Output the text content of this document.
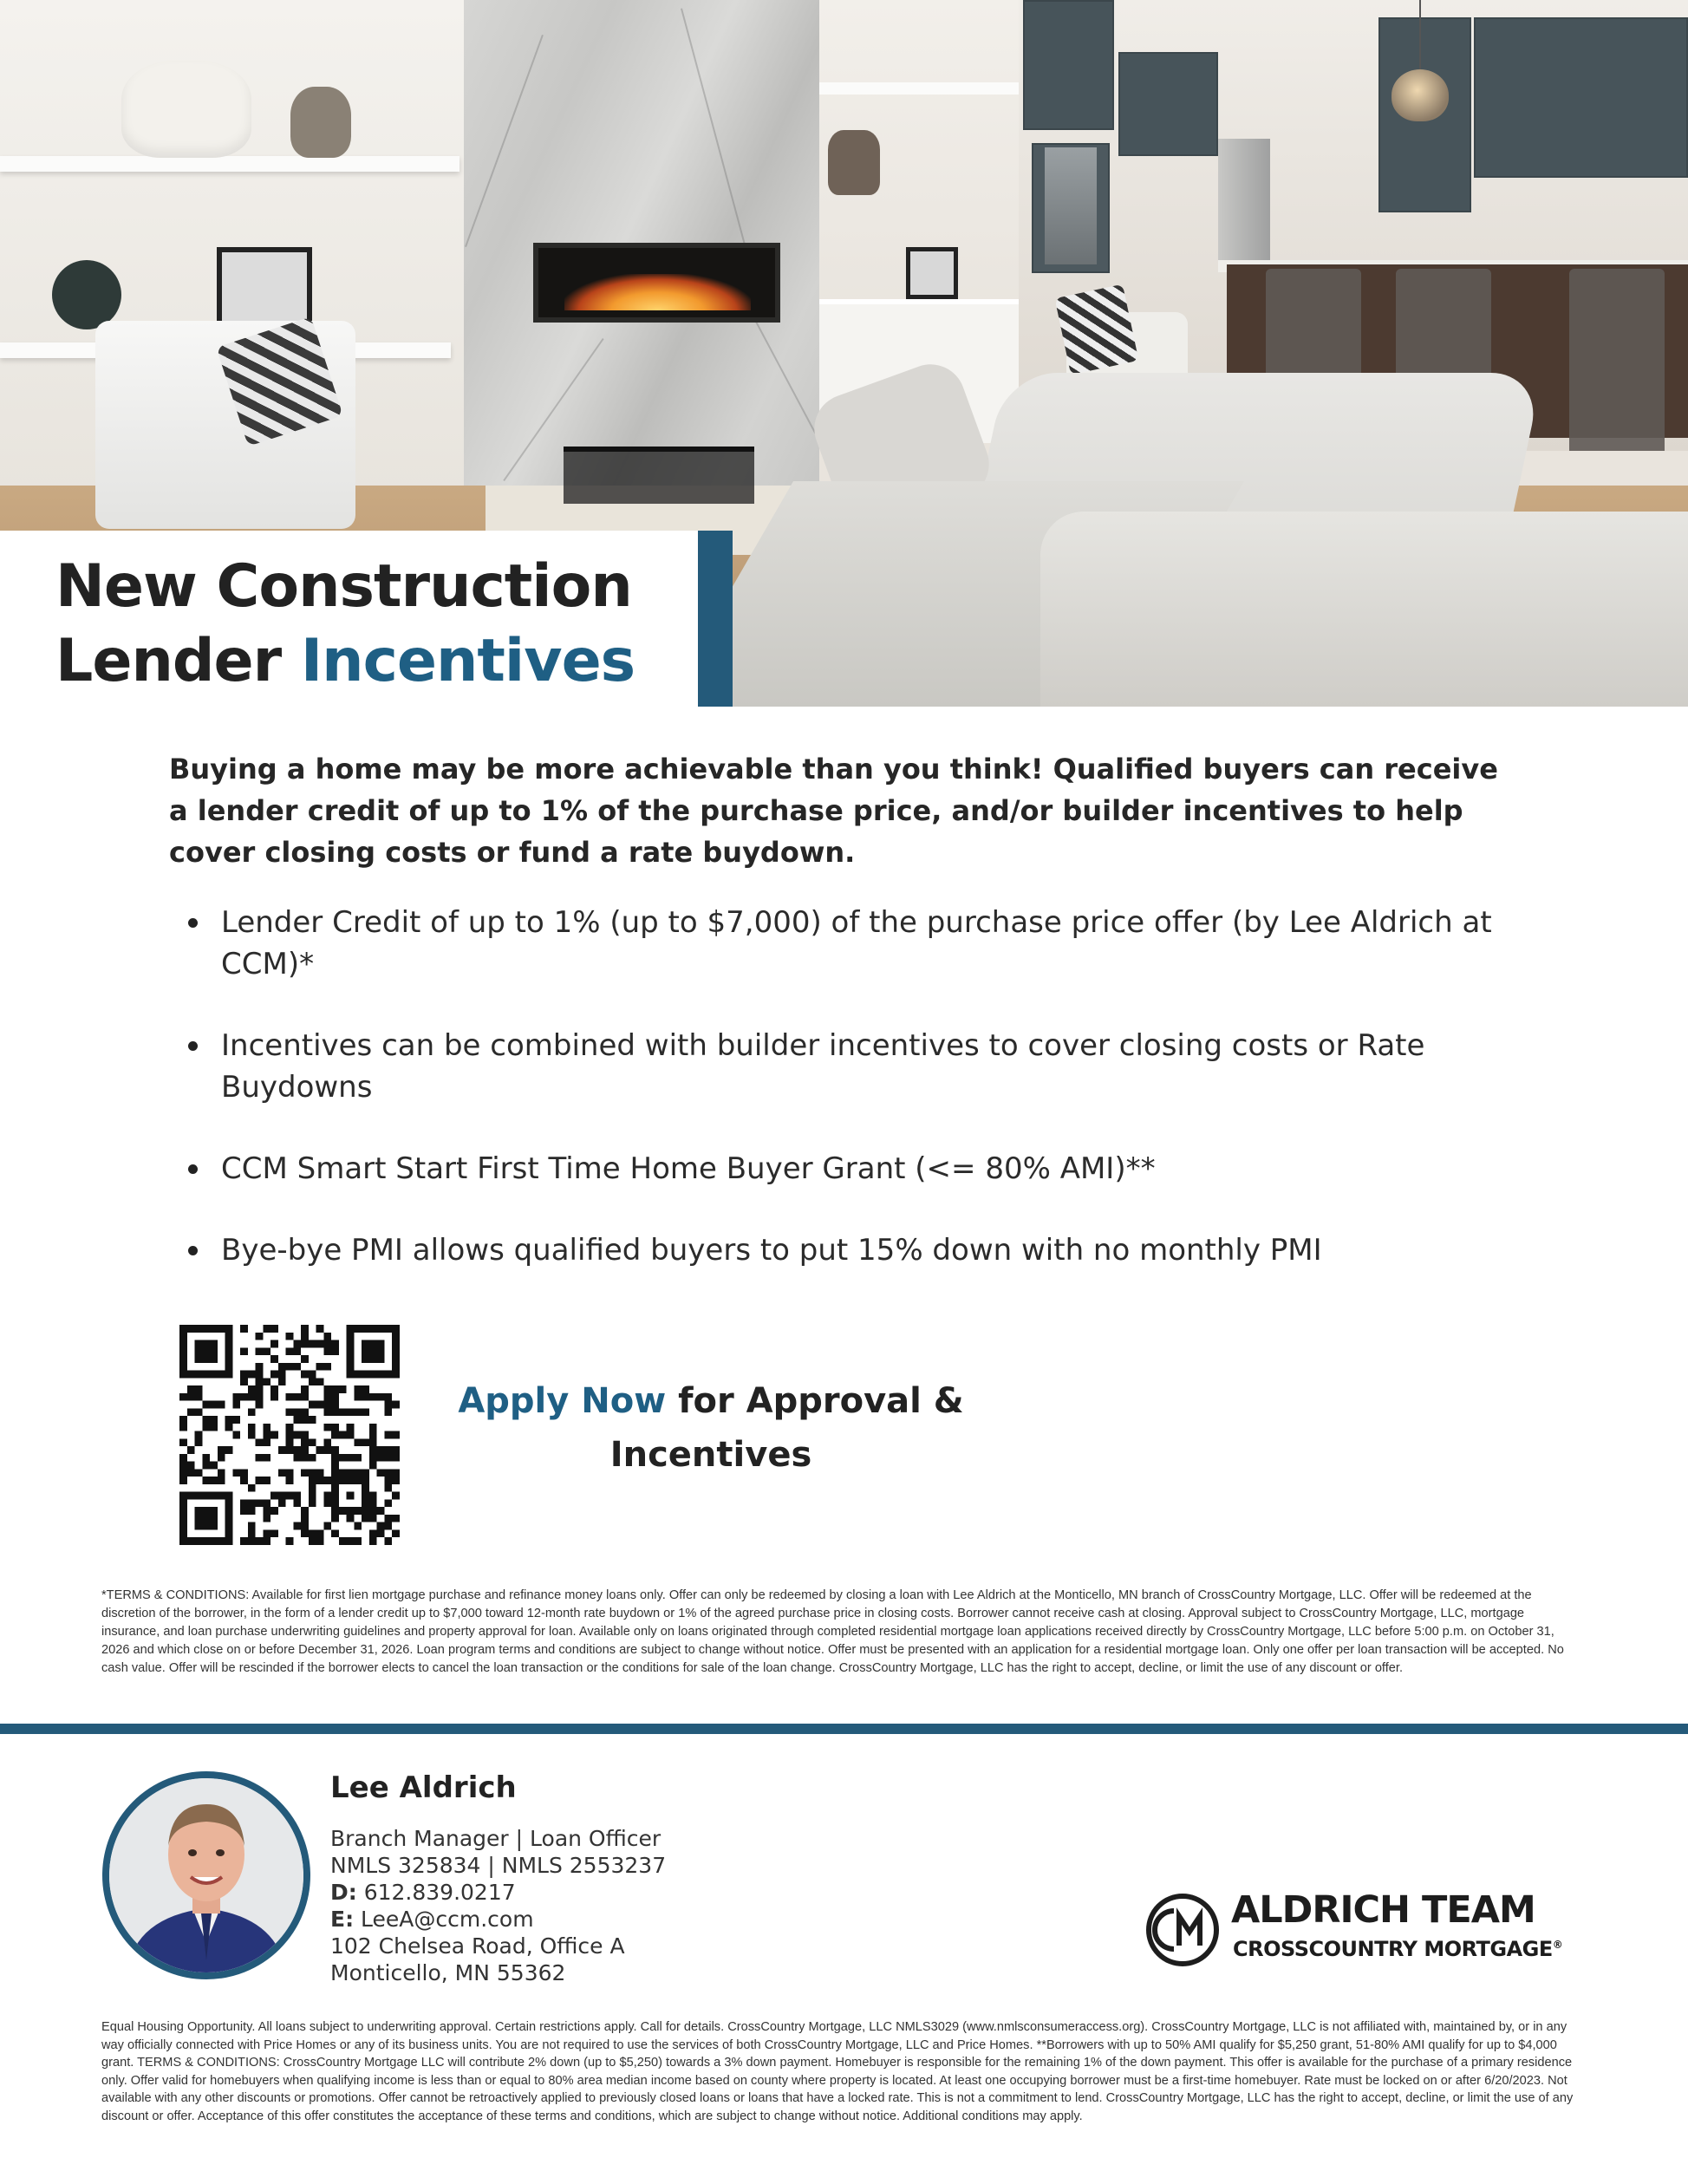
New Construction
Lender Incentives

Buying a home may be more achievable than you think! Qualified buyers can receive a lender credit of up to 1% of the purchase price, and/or builder incentives to help cover closing costs or fund a rate buydown.

Lender Credit of up to 1% (up to $7,000) of the purchase price offer (by Lee Aldrich at CCM)*
Incentives can be combined with builder incentives to cover closing costs or Rate Buydowns
CCM Smart Start First Time Home Buyer Grant (<= 80% AMI)**
Bye-bye PMI allows qualified buyers to put 15% down with no monthly PMI
Apply Now for Approval &
Incentives
*TERMS & CONDITIONS: Available for first lien mortgage purchase and refinance money loans only. Offer can only be redeemed by closing a loan with Lee Aldrich at the Monticello, MN branch of CrossCountry Mortgage, LLC. Offer will be redeemed at the discretion of the borrower, in the form of a lender credit up to $7,000 toward 12-month rate buydown or 1% of the agreed purchase price in closing costs. Borrower cannot receive cash at closing. Approval subject to CrossCountry Mortgage, LLC, mortgage insurance, and loan purchase underwriting guidelines and property approval for loan. Available only on loans originated through completed residential mortgage loan applications received directly by CrossCountry Mortgage, LLC before 5:00 p.m. on October 31, 2026 and which close on or before December 31, 2026. Loan program terms and conditions are subject to change without notice. Offer must be presented with an application for a residential mortgage loan. Only one offer per loan transaction will be accepted. No cash value. Offer will be rescinded if the borrower elects to cancel the loan transaction or the conditions for sale of the loan change. CrossCountry Mortgage, LLC has the right to accept, decline, or limit the use of any discount or offer.
Lee Aldrich
Branch Manager | Loan Officer
NMLS 325834 | NMLS 2553237
D: 612.839.0217
E: LeeA@ccm.com
102 Chelsea Road, Office A
Monticello, MN 55362
ALDRICH TEAM
CROSSCOUNTRY MORTGAGE®
Equal Housing Opportunity. All loans subject to underwriting approval. Certain restrictions apply. Call for details. CrossCountry Mortgage, LLC NMLS3029 (www.nmlsconsumeraccess.org). CrossCountry Mortgage, LLC is not affiliated with, maintained by, or in any way officially connected with Price Homes or any of its business units. You are not required to use the services of both CrossCountry Mortgage, LLC and Price Homes. **Borrowers with up to 50% AMI qualify for $5,250 grant, 51-80% AMI qualify for up to $4,000 grant. TERMS & CONDITIONS: CrossCountry Mortgage LLC will contribute 2% down (up to $5,250) towards a 3% down payment. Homebuyer is responsible for the remaining 1% of the down payment. This offer is available for the purchase of a primary residence only. Offer valid for homebuyers when qualifying income is less than or equal to 80% area median income based on county where property is located. At least one occupying borrower must be a first-time homebuyer. Rate must be locked on or after 6/20/2023. Not available with any other discounts or promotions. Offer cannot be retroactively applied to previously closed loans or loans that have a locked rate. This is not a commitment to lend. CrossCountry Mortgage, LLC has the right to accept, decline, or limit the use of any discount or offer. Acceptance of this offer constitutes the acceptance of these terms and conditions, which are subject to change without notice. Additional conditions may apply.
